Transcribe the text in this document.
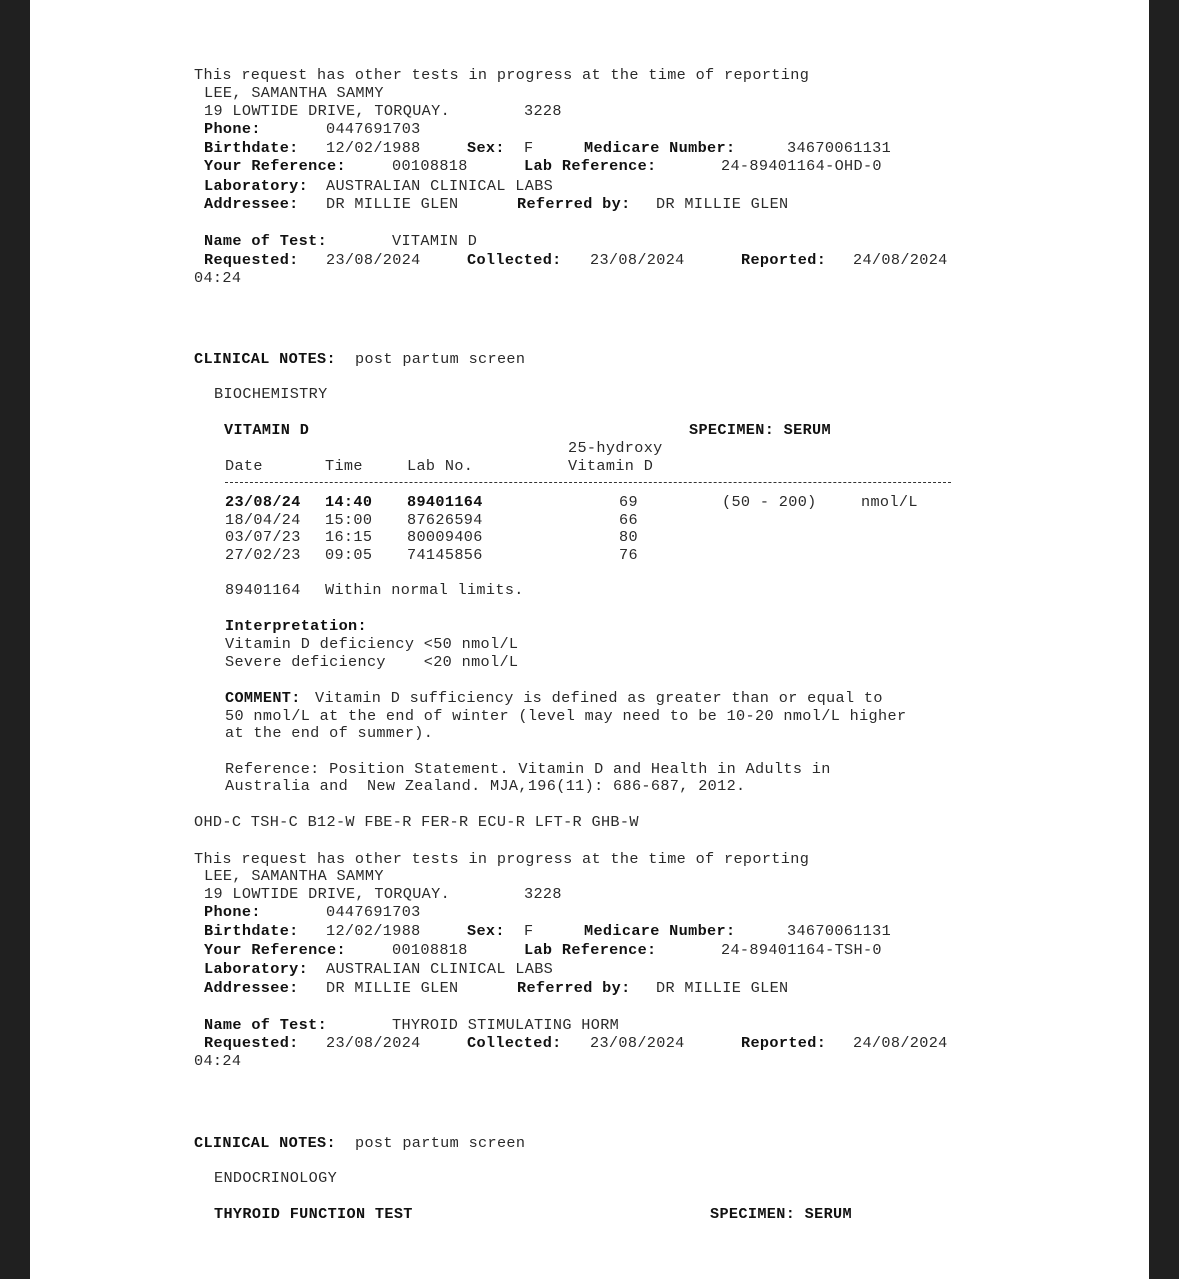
This request has other tests in progress at the time of reporting
LEE, SAMANTHA SAMMY
19 LOWTIDE DRIVE, TORQUAY.	3228
Phone:	0447691703
Birthdate: 12/02/1988	Sex: F	Medicare Number:	34670061131
Your Reference:	00108818	Lab Reference:	24-89401164-OHD-0
Laboratory: AUSTRALIAN CLINICAL LABS
Addressee: DR MILLIE GLEN	Referred by: DR MILLIE GLEN
Name of Test:	VITAMIN D
Requested: 23/08/2024	Collected: 23/08/2024	Reported: 24/08/2024
04:24
CLINICAL NOTES: post partum screen
BIOCHEMISTRY
VITAMIN D	SPECIMEN: SERUM
25-hydroxy
Date	Time	Lab No.	Vitamin D
23/08/24 14:40 89401164	69	(50 - 200)	nmol/L
18/04/24 15:00 87626594	66
03/07/23 16:15 80009406	80
27/02/23 09:05 74145856	76
89401164 Within normal limits.
Interpretation:
Vitamin D deficiency <50 nmol/L
Severe deficiency    <20 nmol/L
COMMENT: Vitamin D sufficiency is defined as greater than or equal to
50 nmol/L at the end of winter (level may need to be 10-20 nmol/L higher
at the end of summer).
Reference: Position Statement. Vitamin D and Health in Adults in
Australia and  New Zealand. MJA,196(11): 686-687, 2012.
OHD-C TSH-C B12-W FBE-R FER-R ECU-R LFT-R GHB-W
This request has other tests in progress at the time of reporting
LEE, SAMANTHA SAMMY
19 LOWTIDE DRIVE, TORQUAY.	3228
Phone:	0447691703
Birthdate: 12/02/1988	Sex: F	Medicare Number:	34670061131
Your Reference:	00108818	Lab Reference:	24-89401164-TSH-0
Laboratory: AUSTRALIAN CLINICAL LABS
Addressee: DR MILLIE GLEN	Referred by: DR MILLIE GLEN
Name of Test:	THYROID STIMULATING HORM
Requested: 23/08/2024	Collected: 23/08/2024	Reported: 24/08/2024
04:24
CLINICAL NOTES: post partum screen
ENDOCRINOLOGY
THYROID FUNCTION TEST	SPECIMEN: SERUM
